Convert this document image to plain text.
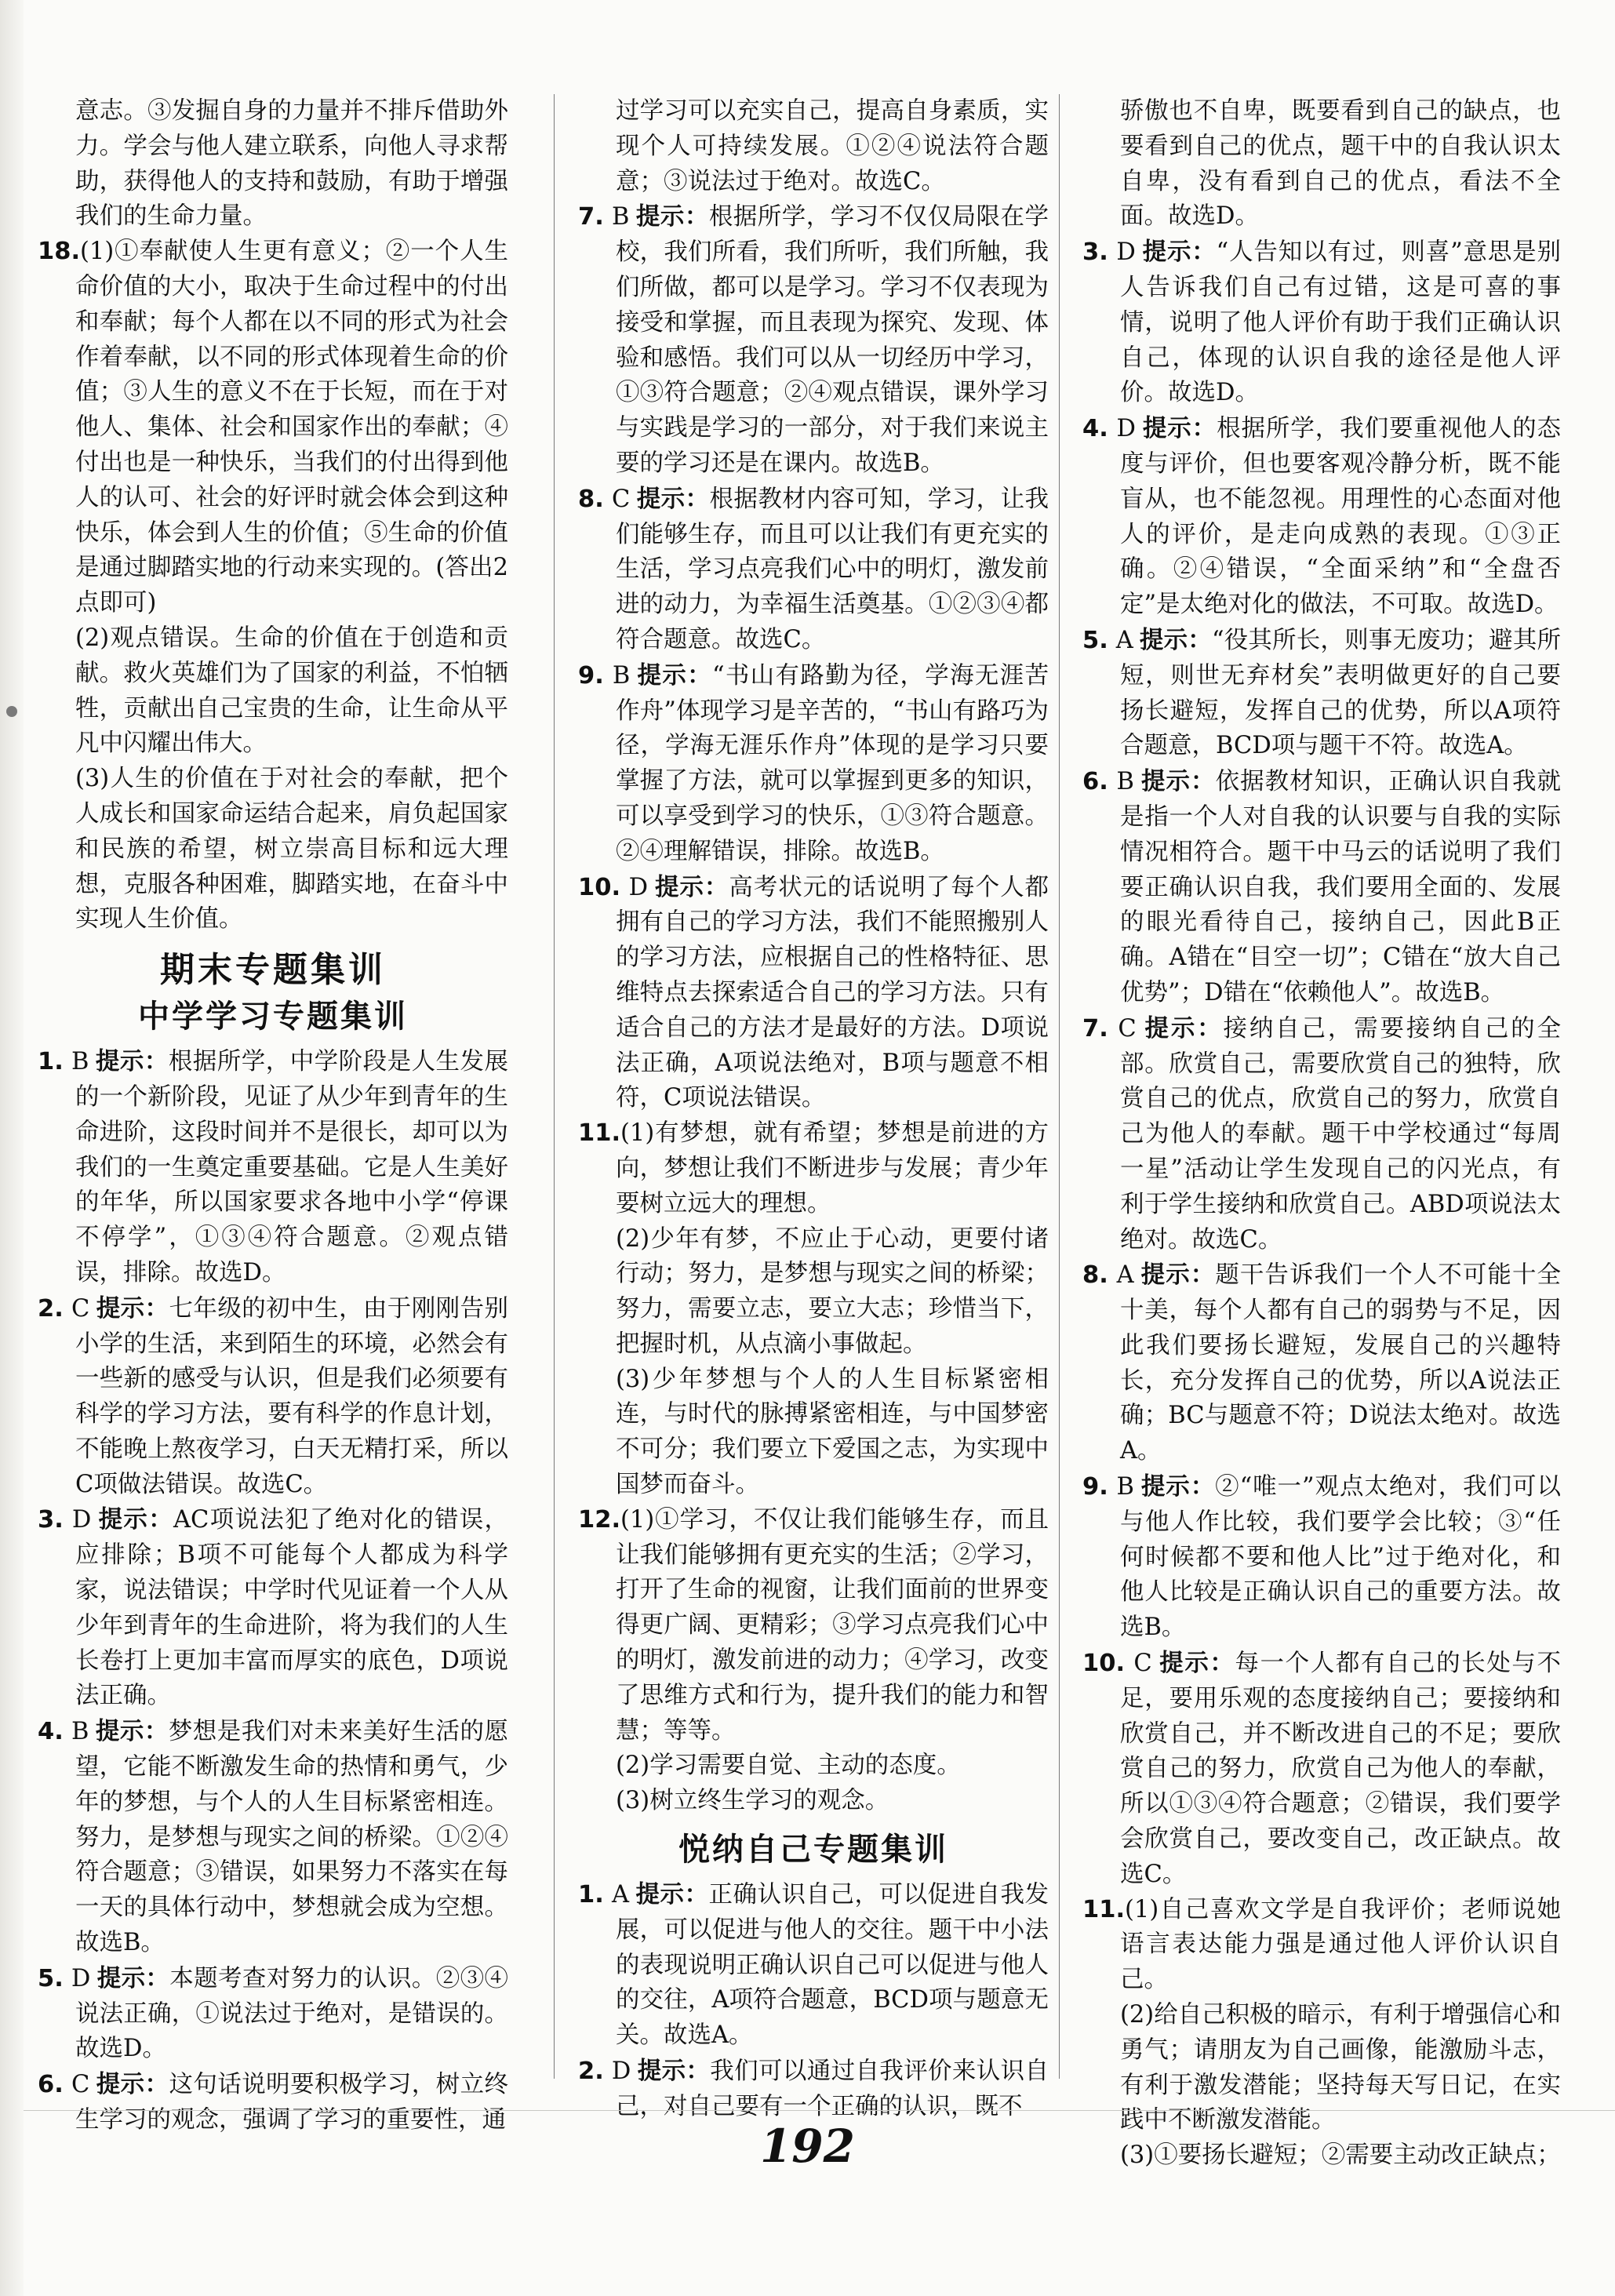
意志。③发掘自身的力量并不排斥借助外力。学会与他人建立联系，向他人寻求帮助，获得他人的支持和鼓励，有助于增强我们的生命力量。

18.(1)①奉献使人生更有意义；②一个人生命价值的大小，取决于生命过程中的付出和奉献；每个人都在以不同的形式为社会作着奉献，以不同的形式体现着生命的价值；③人生的意义不在于长短，而在于对他人、集体、社会和国家作出的奉献；④付出也是一种快乐，当我们的付出得到他人的认可、社会的好评时就会体会到这种快乐，体会到人生的价值；⑤生命的价值是通过脚踏实地的行动来实现的。(答出2点即可)

(2)观点错误。生命的价值在于创造和贡献。救火英雄们为了国家的利益，不怕牺牲，贡献出自己宝贵的生命，让生命从平凡中闪耀出伟大。

(3)人生的价值在于对社会的奉献，把个人成长和国家命运结合起来，肩负起国家和民族的希望，树立崇高目标和远大理想，克服各种困难，脚踏实地，在奋斗中实现人生价值。

期末专题集训
中学学习专题集训

1. B 提示：根据所学，中学阶段是人生发展的一个新阶段，见证了从少年到青年的生命进阶，这段时间并不是很长，却可以为我们的一生奠定重要基础。它是人生美好的年华，所以国家要求各地中小学“停课不停学”，①③④符合题意。②观点错误，排除。故选D。

2. C 提示：七年级的初中生，由于刚刚告别小学的生活，来到陌生的环境，必然会有一些新的感受与认识，但是我们必须要有科学的学习方法，要有科学的作息计划，不能晚上熬夜学习，白天无精打采，所以C项做法错误。故选C。

3. D 提示：AC项说法犯了绝对化的错误，应排除；B项不可能每个人都成为科学家，说法错误；中学时代见证着一个人从少年到青年的生命进阶，将为我们的人生长卷打上更加丰富而厚实的底色，D项说法正确。

4. B 提示：梦想是我们对未来美好生活的愿望，它能不断激发生命的热情和勇气，少年的梦想，与个人的人生目标紧密相连。努力，是梦想与现实之间的桥梁。①②④符合题意；③错误，如果努力不落实在每一天的具体行动中，梦想就会成为空想。故选B。

5. D 提示：本题考查对努力的认识。②③④说法正确，①说法过于绝对，是错误的。故选D。

6. C 提示：这句话说明要积极学习，树立终生学习的观念，强调了学习的重要性，通

过学习可以充实自己，提高自身素质，实现个人可持续发展。①②④说法符合题意；③说法过于绝对。故选C。

7. B 提示：根据所学，学习不仅仅局限在学校，我们所看，我们所听，我们所触，我们所做，都可以是学习。学习不仅表现为接受和掌握，而且表现为探究、发现、体验和感悟。我们可以从一切经历中学习，①③符合题意；②④观点错误，课外学习与实践是学习的一部分，对于我们来说主要的学习还是在课内。故选B。

8. C 提示：根据教材内容可知，学习，让我们能够生存，而且可以让我们有更充实的生活，学习点亮我们心中的明灯，激发前进的动力，为幸福生活奠基。①②③④都符合题意。故选C。

9. B 提示：“书山有路勤为径，学海无涯苦作舟”体现学习是辛苦的，“书山有路巧为径，学海无涯乐作舟”体现的是学习只要掌握了方法，就可以掌握到更多的知识，可以享受到学习的快乐，①③符合题意。②④理解错误，排除。故选B。

10. D 提示：高考状元的话说明了每个人都拥有自己的学习方法，我们不能照搬别人的学习方法，应根据自己的性格特征、思维特点去探索适合自己的学习方法。只有适合自己的方法才是最好的方法。D项说法正确，A项说法绝对，B项与题意不相符，C项说法错误。

11.(1)有梦想，就有希望；梦想是前进的方向，梦想让我们不断进步与发展；青少年要树立远大的理想。

(2)少年有梦，不应止于心动，更要付诸行动；努力，是梦想与现实之间的桥梁；努力，需要立志，要立大志；珍惜当下，把握时机，从点滴小事做起。

(3)少年梦想与个人的人生目标紧密相连，与时代的脉搏紧密相连，与中国梦密不可分；我们要立下爱国之志，为实现中国梦而奋斗。

12.(1)①学习，不仅让我们能够生存，而且让我们能够拥有更充实的生活；②学习，打开了生命的视窗，让我们面前的世界变得更广阔、更精彩；③学习点亮我们心中的明灯，激发前进的动力；④学习，改变了思维方式和行为，提升我们的能力和智慧；等等。

(2)学习需要自觉、主动的态度。

(3)树立终生学习的观念。

悦纳自己专题集训

1. A 提示：正确认识自己，可以促进自我发展，可以促进与他人的交往。题干中小法的表现说明正确认识自己可以促进与他人的交往，A项符合题意，BCD项与题意无关。故选A。

2. D 提示：我们可以通过自我评价来认识自己，对自己要有一个正确的认识，既不

骄傲也不自卑，既要看到自己的缺点，也要看到自己的优点，题干中的自我认识太自卑，没有看到自己的优点，看法不全面。故选D。

3. D 提示：“人告知以有过，则喜”意思是别人告诉我们自己有过错，这是可喜的事情，说明了他人评价有助于我们正确认识自己，体现的认识自我的途径是他人评价。故选D。

4. D 提示：根据所学，我们要重视他人的态度与评价，但也要客观冷静分析，既不能盲从，也不能忽视。用理性的心态面对他人的评价，是走向成熟的表现。①③正确。②④错误，“全面采纳”和“全盘否定”是太绝对化的做法，不可取。故选D。

5. A 提示：“役其所长，则事无废功；避其所短，则世无弃材矣”表明做更好的自己要扬长避短，发挥自己的优势，所以A项符合题意，BCD项与题干不符。故选A。

6. B 提示：依据教材知识，正确认识自我就是指一个人对自我的认识要与自我的实际情况相符合。题干中马云的话说明了我们要正确认识自我，我们要用全面的、发展的眼光看待自己，接纳自己，因此B正确。A错在“目空一切”；C错在“放大自己优势”；D错在“依赖他人”。故选B。

7. C 提示：接纳自己，需要接纳自己的全部。欣赏自己，需要欣赏自己的独特，欣赏自己的优点，欣赏自己的努力，欣赏自己为他人的奉献。题干中学校通过“每周一星”活动让学生发现自己的闪光点，有利于学生接纳和欣赏自己。ABD项说法太绝对。故选C。

8. A 提示：题干告诉我们一个人不可能十全十美，每个人都有自己的弱势与不足，因此我们要扬长避短，发展自己的兴趣特长，充分发挥自己的优势，所以A说法正确；BC与题意不符；D说法太绝对。故选A。

9. B 提示：②“唯一”观点太绝对，我们可以与他人作比较，我们要学会比较；③“任何时候都不要和他人比”过于绝对化，和他人比较是正确认识自己的重要方法。故选B。

10. C 提示：每一个人都有自己的长处与不足，要用乐观的态度接纳自己；要接纳和欣赏自己，并不断改进自己的不足；要欣赏自己的努力，欣赏自己为他人的奉献，所以①③④符合题意；②错误，我们要学会欣赏自己，要改变自己，改正缺点。故选C。

11.(1)自己喜欢文学是自我评价；老师说她语言表达能力强是通过他人评价认识自己。

(2)给自己积极的暗示，有利于增强信心和勇气；请朋友为自己画像，能激励斗志，有利于激发潜能；坚持每天写日记，在实践中不断激发潜能。

(3)①要扬长避短；②需要主动改正缺点；

192
